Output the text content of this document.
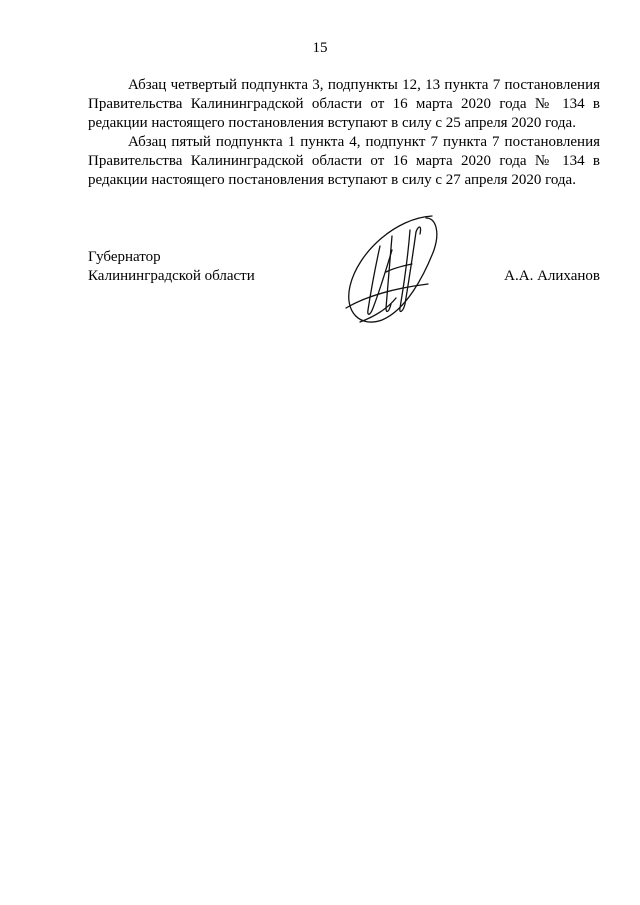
15

Абзац четвертый подпункта 3, подпункты 12, 13 пункта 7 постановления Правительства Калининградской области от 16 марта 2020 года № 134 в редакции настоящего постановления вступают в силу с 25 апреля 2020 года.

Абзац пятый подпункта 1 пункта 4, подпункт 7 пункта 7 постановления Правительства Калининградской области от 16 марта 2020 года № 134 в редакции настоящего постановления вступают в силу с 27 апреля 2020 года.

Губернатор
Калининградской области	А.А. Алиханов
